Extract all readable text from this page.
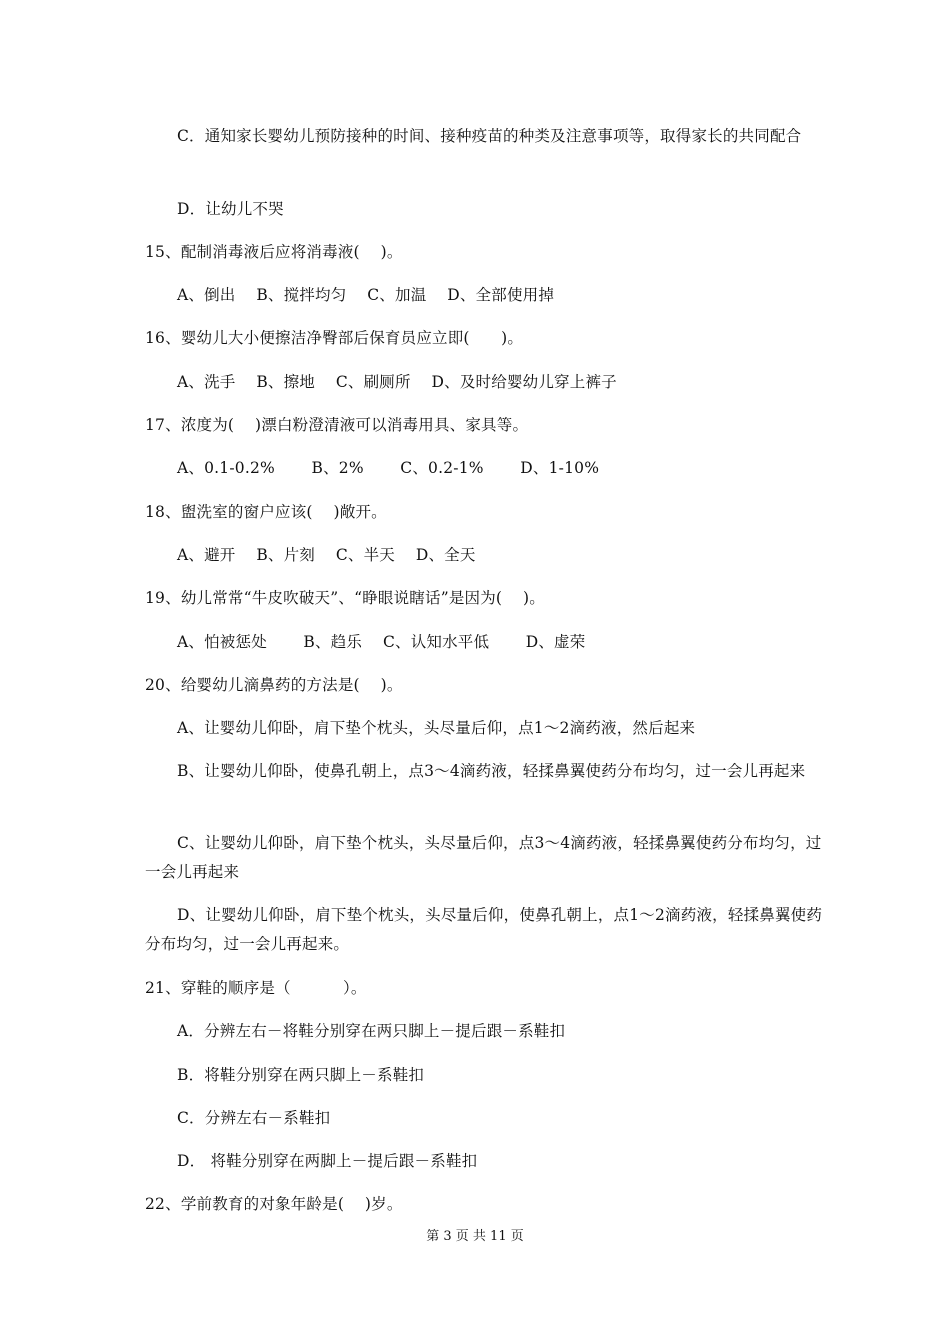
C．通知家长婴幼儿预防接种的时间、接种疫苗的种类及注意事项等，取得家长的共同配合
D．让幼儿不哭
15、配制消毒液后应将消毒液(　 )。
A、倒出　 B、搅拌均匀　 C、加温　 D、全部使用掉
16、婴幼儿大小便擦洁净臀部后保育员应立即(　　)。
A、洗手　 B、擦地　 C、刷厕所　 D、及时给婴幼儿穿上裤子
17、浓度为(　 )漂白粉澄清液可以消毒用具、家具等。
A、0.1-0.2%　　 B、2%　　 C、0.2-1%　　 D、1-10%
18、盥洗室的窗户应该(　 )敞开。
A、避开　 B、片刻　 C、半天　 D、全天
19、幼儿常常“牛皮吹破天”、“睁眼说瞎话”是因为(　 )。
A、怕被惩处　　 B、趋乐　 C、认知水平低　　 D、虚荣
20、给婴幼儿滴鼻药的方法是(　 )。
A、让婴幼儿仰卧，肩下垫个枕头，头尽量后仰，点1～2滴药液，然后起来
B、让婴幼儿仰卧，使鼻孔朝上，点3～4滴药液，轻揉鼻翼使药分布均匀，过一会儿再起来
C、让婴幼儿仰卧，肩下垫个枕头，头尽量后仰，点3～4滴药液，轻揉鼻翼使药分布均匀，过一会儿再起来
D、让婴幼儿仰卧，肩下垫个枕头，头尽量后仰，使鼻孔朝上，点1～2滴药液，轻揉鼻翼使药分布均匀，过一会儿再起来。
21、穿鞋的顺序是（　　　 ）。
A．分辨左右－将鞋分别穿在两只脚上－提后跟－系鞋扣
B．将鞋分别穿在两只脚上－系鞋扣
C．分辨左右－系鞋扣
D． 将鞋分别穿在两脚上－提后跟－系鞋扣
22、学前教育的对象年龄是(　 )岁。
第 3 页 共 11 页
